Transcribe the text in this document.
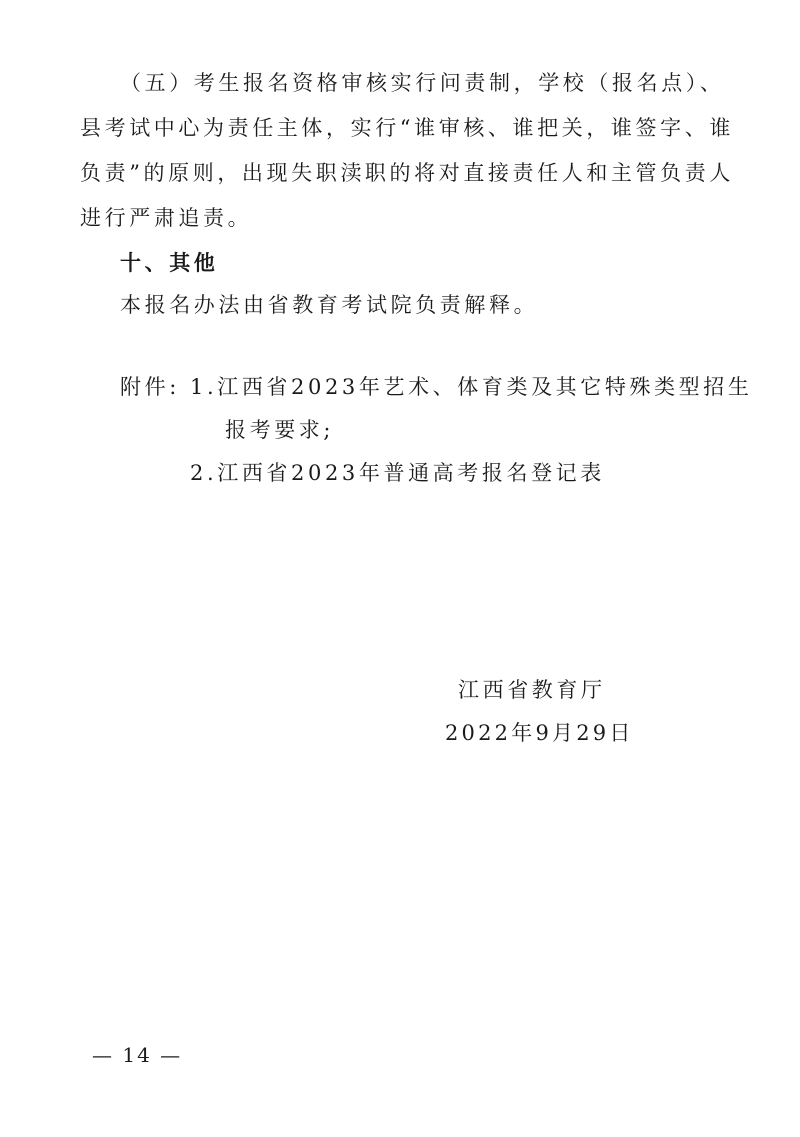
（五）考生报名资格审核实行问责制，学校（报名点）、
县考试中心为责任主体，实行“谁审核、谁把关，谁签字、谁
负责”的原则，出现失职渎职的将对直接责任人和主管负责人
进行严肃追责。
十、其他
本报名办法由省教育考试院负责解释。
附件: 1.江西省2023年艺术、体育类及其它特殊类型招生
报考要求;
2.江西省2023年普通高考报名登记表
江西省教育厅
2022年9月29日
— 14 —
